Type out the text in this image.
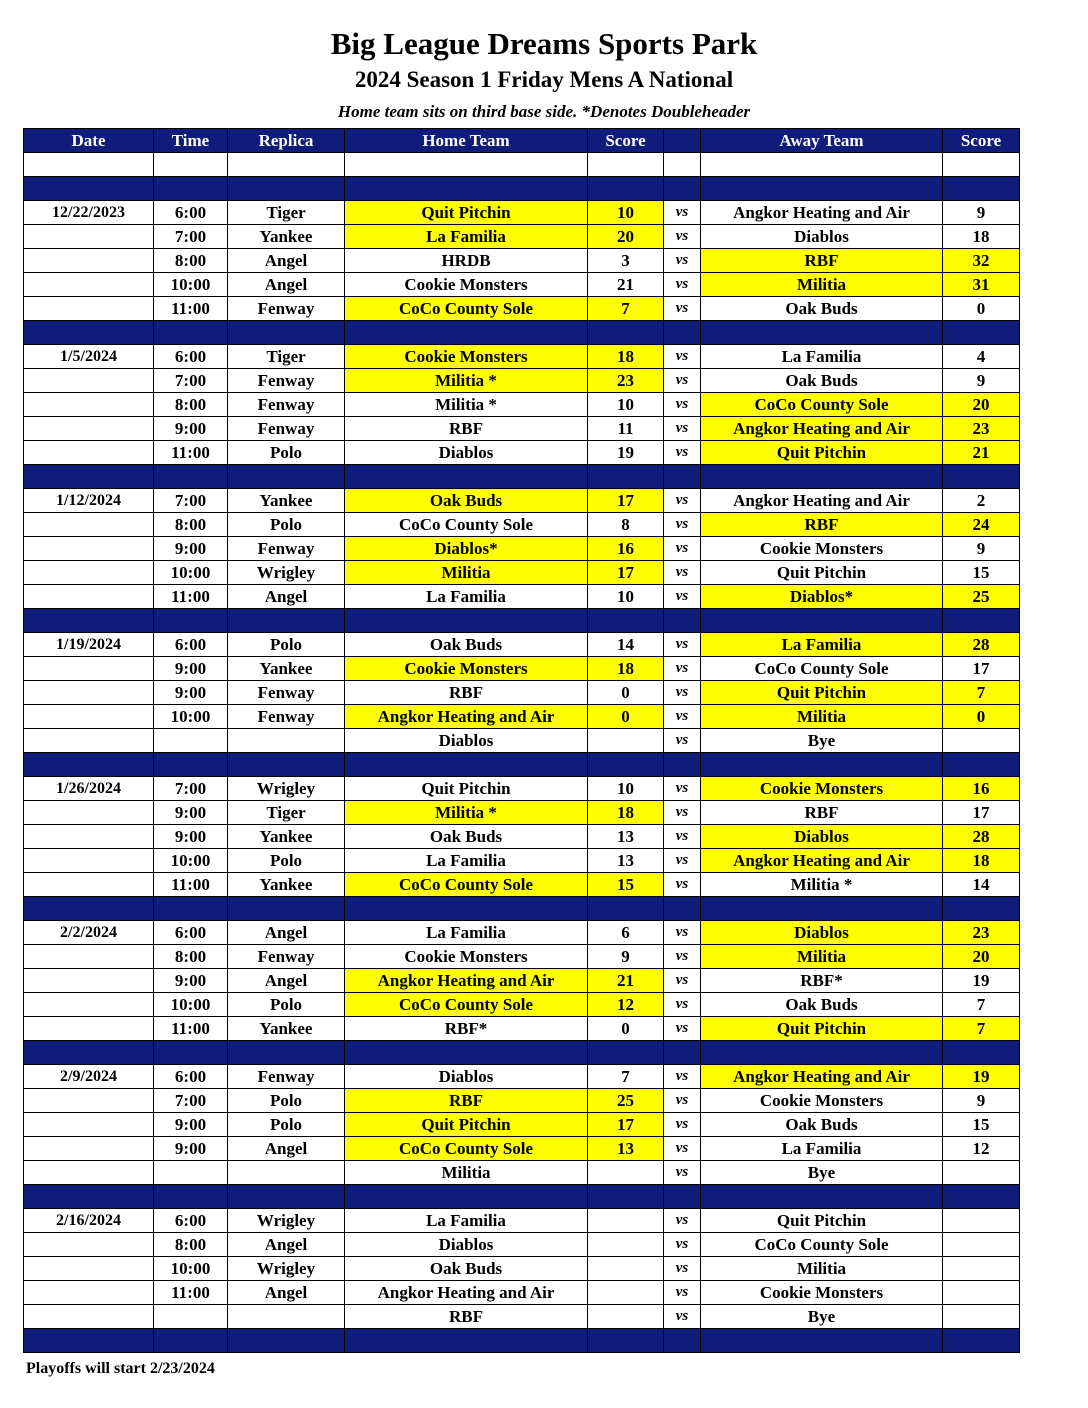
Big League Dreams Sports Park
2024 Season 1 Friday Mens A National
Home team sits on third base side. *Denotes Doubleheader
Date	Time	Replica	Home Team	Score		Away Team	Score

12/22/2023	6:00	Tiger	Quit Pitchin	10	vs	Angkor Heating and Air	9
	7:00	Yankee	La Familia	20	vs	Diablos	18
	8:00	Angel	HRDB	3	vs	RBF	32
	10:00	Angel	Cookie Monsters	21	vs	Militia	31
	11:00	Fenway	CoCo County Sole	7	vs	Oak Buds	0

1/5/2024	6:00	Tiger	Cookie Monsters	18	vs	La Familia	4
	7:00	Fenway	Militia *	23	vs	Oak Buds	9
	8:00	Fenway	Militia *	10	vs	CoCo County Sole	20
	9:00	Fenway	RBF	11	vs	Angkor Heating and Air	23
	11:00	Polo	Diablos	19	vs	Quit Pitchin	21

1/12/2024	7:00	Yankee	Oak Buds	17	vs	Angkor Heating and Air	2
	8:00	Polo	CoCo County Sole	8	vs	RBF	24
	9:00	Fenway	Diablos*	16	vs	Cookie Monsters	9
	10:00	Wrigley	Militia	17	vs	Quit Pitchin	15
	11:00	Angel	La Familia	10	vs	Diablos*	25

1/19/2024	6:00	Polo	Oak Buds	14	vs	La Familia	28
	9:00	Yankee	Cookie Monsters	18	vs	CoCo County Sole	17
	9:00	Fenway	RBF	0	vs	Quit Pitchin	7
	10:00	Fenway	Angkor Heating and Air	0	vs	Militia	0
			Diablos		vs	Bye	

1/26/2024	7:00	Wrigley	Quit Pitchin	10	vs	Cookie Monsters	16
	9:00	Tiger	Militia *	18	vs	RBF	17
	9:00	Yankee	Oak Buds	13	vs	Diablos	28
	10:00	Polo	La Familia	13	vs	Angkor Heating and Air	18
	11:00	Yankee	CoCo County Sole	15	vs	Militia *	14

2/2/2024	6:00	Angel	La Familia	6	vs	Diablos	23
	8:00	Fenway	Cookie Monsters	9	vs	Militia	20
	9:00	Angel	Angkor Heating and Air	21	vs	RBF*	19
	10:00	Polo	CoCo County Sole	12	vs	Oak Buds	7
	11:00	Yankee	RBF*	0	vs	Quit Pitchin	7

2/9/2024	6:00	Fenway	Diablos	7	vs	Angkor Heating and Air	19
	7:00	Polo	RBF	25	vs	Cookie Monsters	9
	9:00	Polo	Quit Pitchin	17	vs	Oak Buds	15
	9:00	Angel	CoCo County Sole	13	vs	La Familia	12
			Militia		vs	Bye	

2/16/2024	6:00	Wrigley	La Familia		vs	Quit Pitchin	
	8:00	Angel	Diablos		vs	CoCo County Sole	
	10:00	Wrigley	Oak Buds		vs	Militia	
	11:00	Angel	Angkor Heating and Air		vs	Cookie Monsters	
			RBF		vs	Bye	

Playoffs will start 2/23/2024
